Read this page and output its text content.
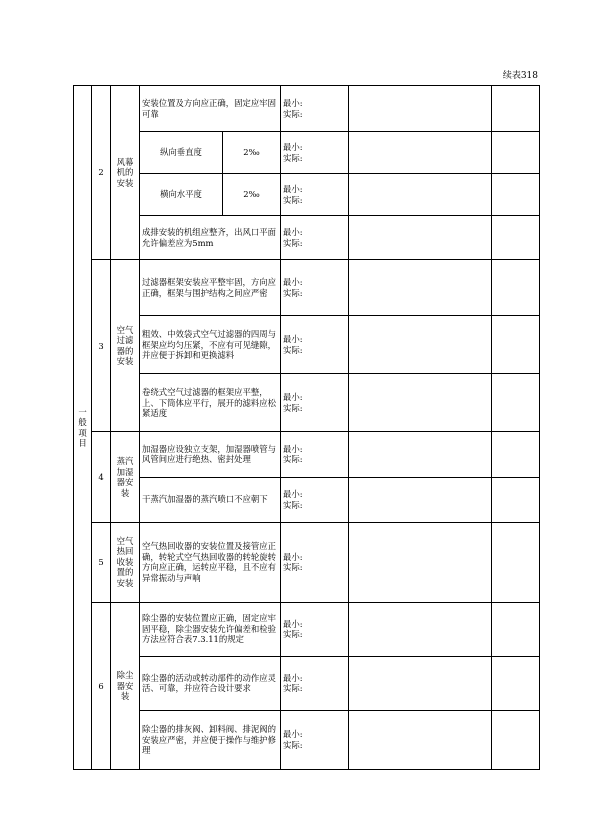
续表318
一般项目	2	风幕机的安装	安装位置及方向应正确，固定应牢固可靠		最小:
实际:		

			纵向垂直度	2‰	最小:
实际:		

			横向水平度	2‰	最小:
实际:		

			成排安装的机组应整齐，出风口平面允许偏差应为5mm		最小:
实际:		

	3	空气过滤器的安装	过滤器框架安装应平整牢固，方向应正确，框架与围护结构之间应严密		最小:
实际:		

			粗效、中效袋式空气过滤器的四周与框架应均匀压紧，不应有可见缝隙，并应便于拆卸和更换滤料		最小:
实际:		

			卷绕式空气过滤器的框架应平整，上、下筒体应平行，展开的滤料应松紧适度		最小:
实际:		

	4	蒸汽加湿器安装	加湿器应设独立支架，加湿器喷管与风管间应进行绝热、密封处理		最小:
实际:		

			干蒸汽加湿器的蒸汽喷口不应朝下		最小:
实际:		

	5	空气热回收装置的安装	空气热回收器的安装位置及接管应正确，转轮式空气热回收器的转轮旋转方向应正确，运转应平稳，且不应有异常振动与声响		最小:
实际:		

	6	除尘器安装	除尘器的安装位置应正确，固定应牢固平稳，除尘器安装允许偏差和检验方法应符合表7.3.11的规定		最小:
实际:		

			除尘器的活动或转动部件的动作应灵活、可靠，并应符合设计要求		最小:
实际:		

			除尘器的排灰阀、卸料阀、排泥阀的安装应严密，并应便于操作与维护修理		最小:
实际:		
